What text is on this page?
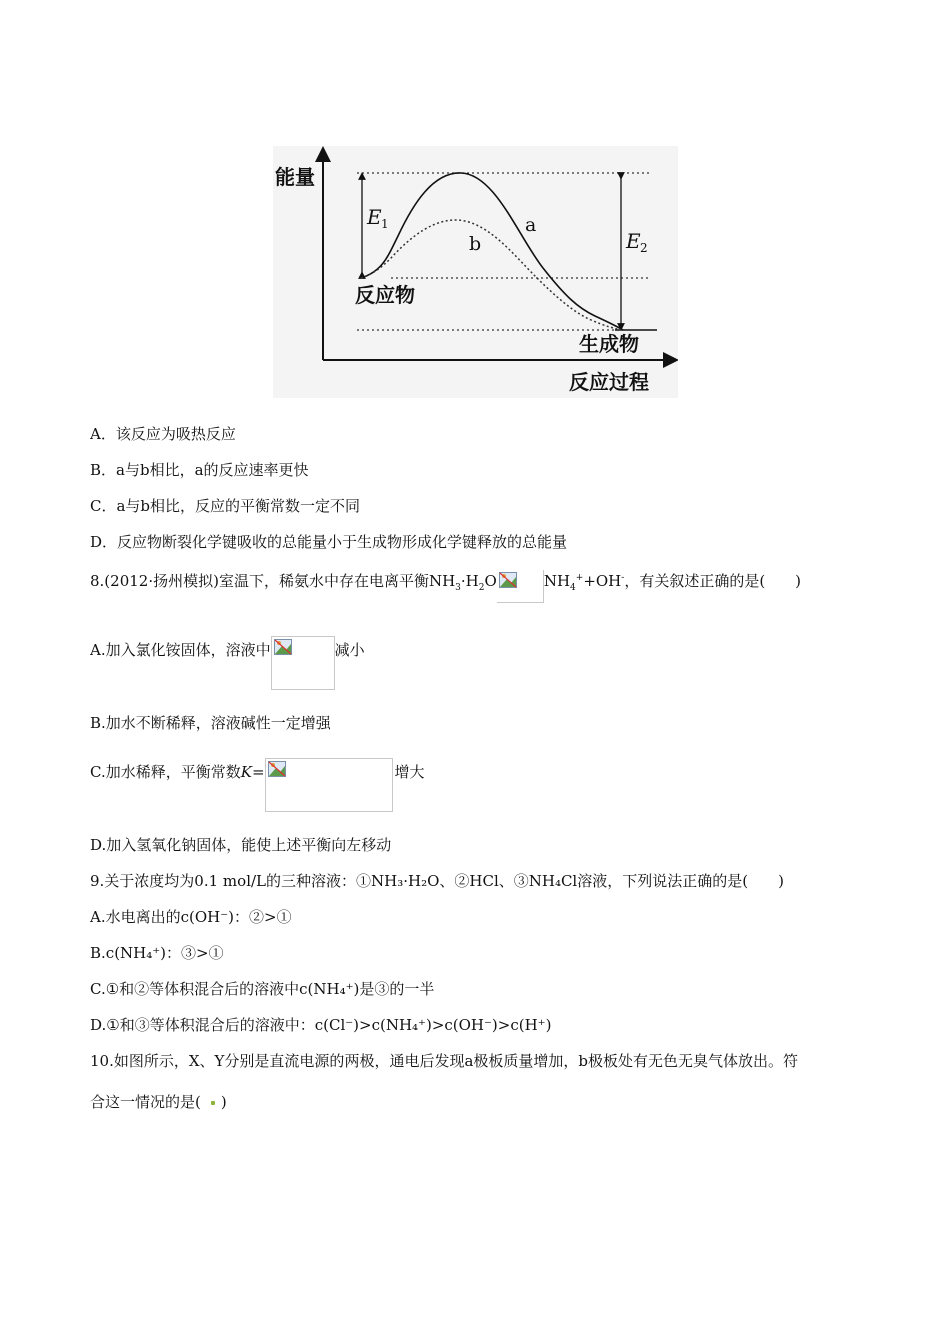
能量
反应过程
反应物
生成物
a
b
E 1
E 2
A．该反应为吸热反应
B．a与b相比，a的反应速率更快
C．a与b相比，反应的平衡常数一定不同
D．反应物断裂化学键吸收的总能量小于生成物形成化学键释放的总能量
8.(2012·扬州模拟)室温下，稀氨水中存在电离平衡$NH_3\cdot H_2O$	$NH_4^++OH^-$，有关叙述正确的是(　　)
A.加入氯化铵固体，溶液中	减小
B.加水不断稀释，溶液碱性一定增强
C.加水稀释，平衡常数K=	增大
D.加入氢氧化钠固体，能使上述平衡向左移动
9.关于浓度均为0.1 mol/L的三种溶液：①NH₃·H₂O、②HCl、③NH₄Cl溶液，下列说法正确的是(　　)
A.水电离出的c(OH⁻)：②>①
B.c(NH₄⁺)：③>①
C.①和②等体积混合后的溶液中c(NH₄⁺)是③的一半
D.①和③等体积混合后的溶液中：c(Cl⁻)>c(NH₄⁺)>c(OH⁻)>c(H⁺)
10.如图所示，X、Y分别是直流电源的两极，通电后发现a极板质量增加，b极板处有无色无臭气体放出。符
合这一情况的是( )
